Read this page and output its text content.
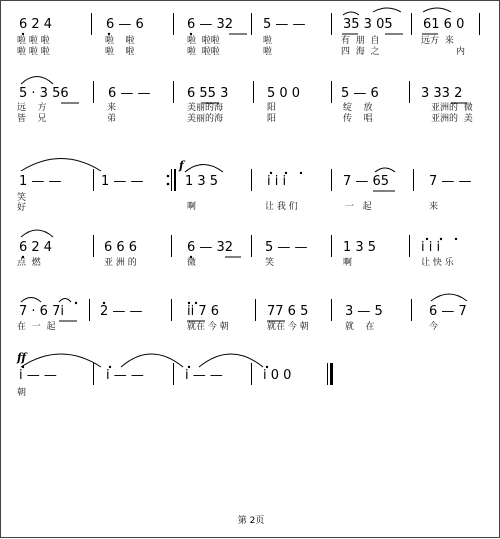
6 2 4
啦 啦 啦
啦 啦 啦
6 — 6
啦    啦
啦    啦
6 — 32
啦  啦啦
啦  啦啦
5 — —
啦
啦
35 3 05
有  朋  自
四  海  之
61 6 0
远方  来
内
5 · 3 56
远    方
皆    兄
6 — —
来
弟
6 55 3
美丽的海
美丽的海
5 0 0
阳
阳
5 — 6
绽    放
传    唱
3 33 2
亚洲的  微
亚洲的  美
1 — —
笑
好
1 — —
f
1 3 5
啊
i i i
让 我 们
7 — 65
一   起
7 — —
来
6 2 4
点  燃
6 6 6
亚 洲 的
6 — 32
微
5 — —
笑
1 3 5
啊
i i i
让 快 乐
7 · 6 7i
在  一  起
2 — —	ii 7 6
就在 今 朝
77 6 5
就在 今 朝
3 — 5
就    在
6 — 7
今
ff
i — —
朝
i — —	i — —	i 0 0
第 2页
